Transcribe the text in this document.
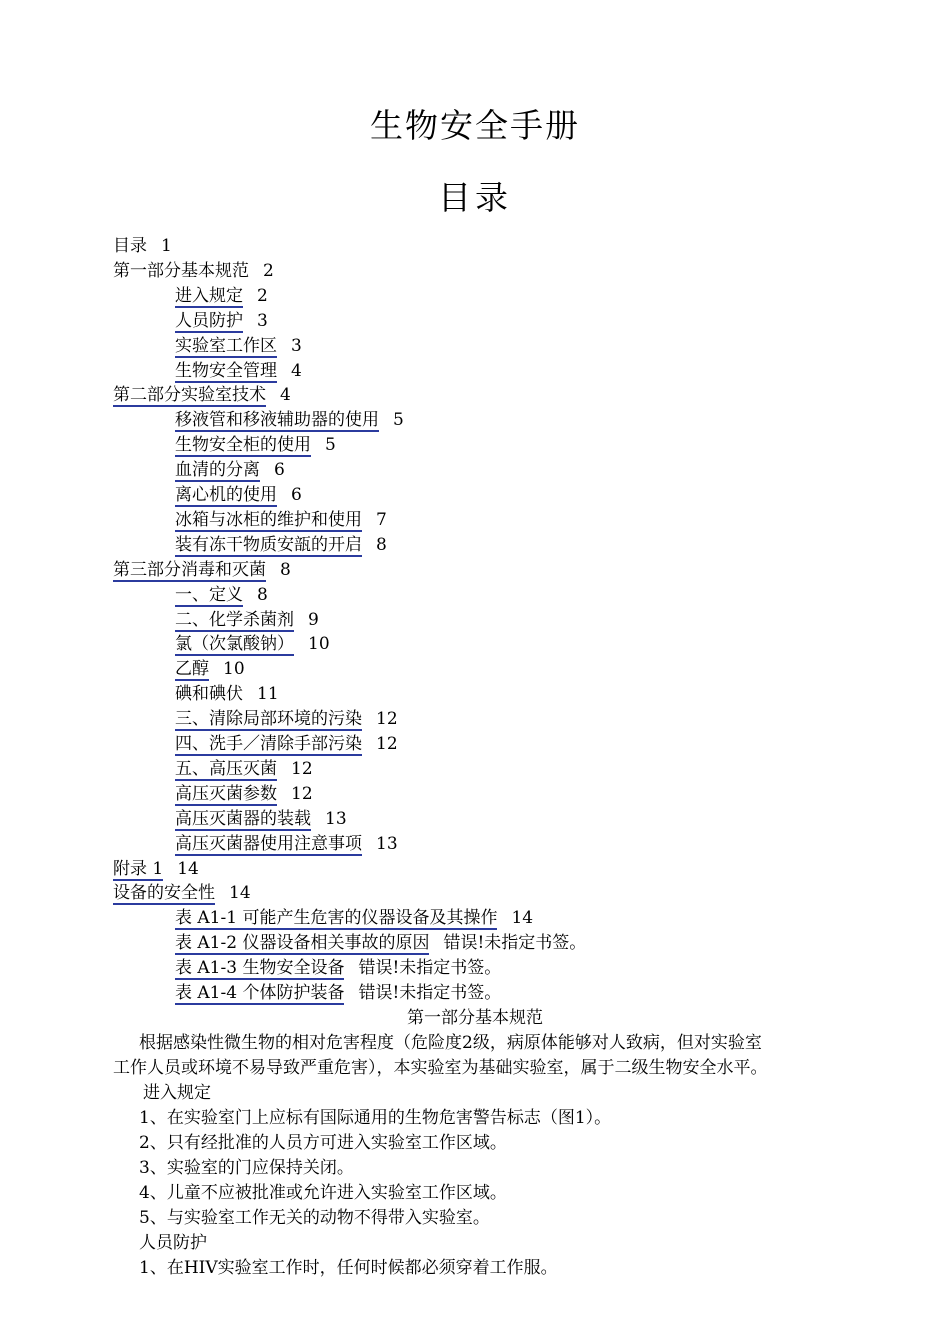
生物安全手册
目录
目录 1
第一部分基本规范 2
进入规定 2
人员防护 3
实验室工作区 3
生物安全管理 4
第二部分实验室技术 4
移液管和移液辅助器的使用 5
生物安全柜的使用 5
血清的分离 6
离心机的使用 6
冰箱与冰柜的维护和使用 7
装有冻干物质安瓿的开启 8
第三部分消毒和灭菌 8
一、定义 8
二、化学杀菌剂 9
氯（次氯酸钠） 10
乙醇 10
碘和碘伏 11
三、清除局部环境的污染 12
四、洗手／清除手部污染 12
五、高压灭菌 12
高压灭菌参数 12
高压灭菌器的装载 13
高压灭菌器使用注意事项 13
附录 1 14
设备的安全性 14
表 A1-1 可能产生危害的仪器设备及其操作 14
表 A1-2 仪器设备相关事故的原因 错误!未指定书签。
表 A1-3 生物安全设备 错误!未指定书签。
表 A1-4 个体防护装备 错误!未指定书签。
第一部分基本规范
根据感染性微生物的相对危害程度（危险度2级，病原体能够对人致病，但对实验室
工作人员或环境不易导致严重危害），本实验室为基础实验室，属于二级生物安全水平。
进入规定
1、在实验室门上应标有国际通用的生物危害警告标志（图1）。
2、只有经批准的人员方可进入实验室工作区域。
3、实验室的门应保持关闭。
4、儿童不应被批准或允许进入实验室工作区域。
5、与实验室工作无关的动物不得带入实验室。
人员防护
1、在HIV实验室工作时，任何时候都必须穿着工作服。
